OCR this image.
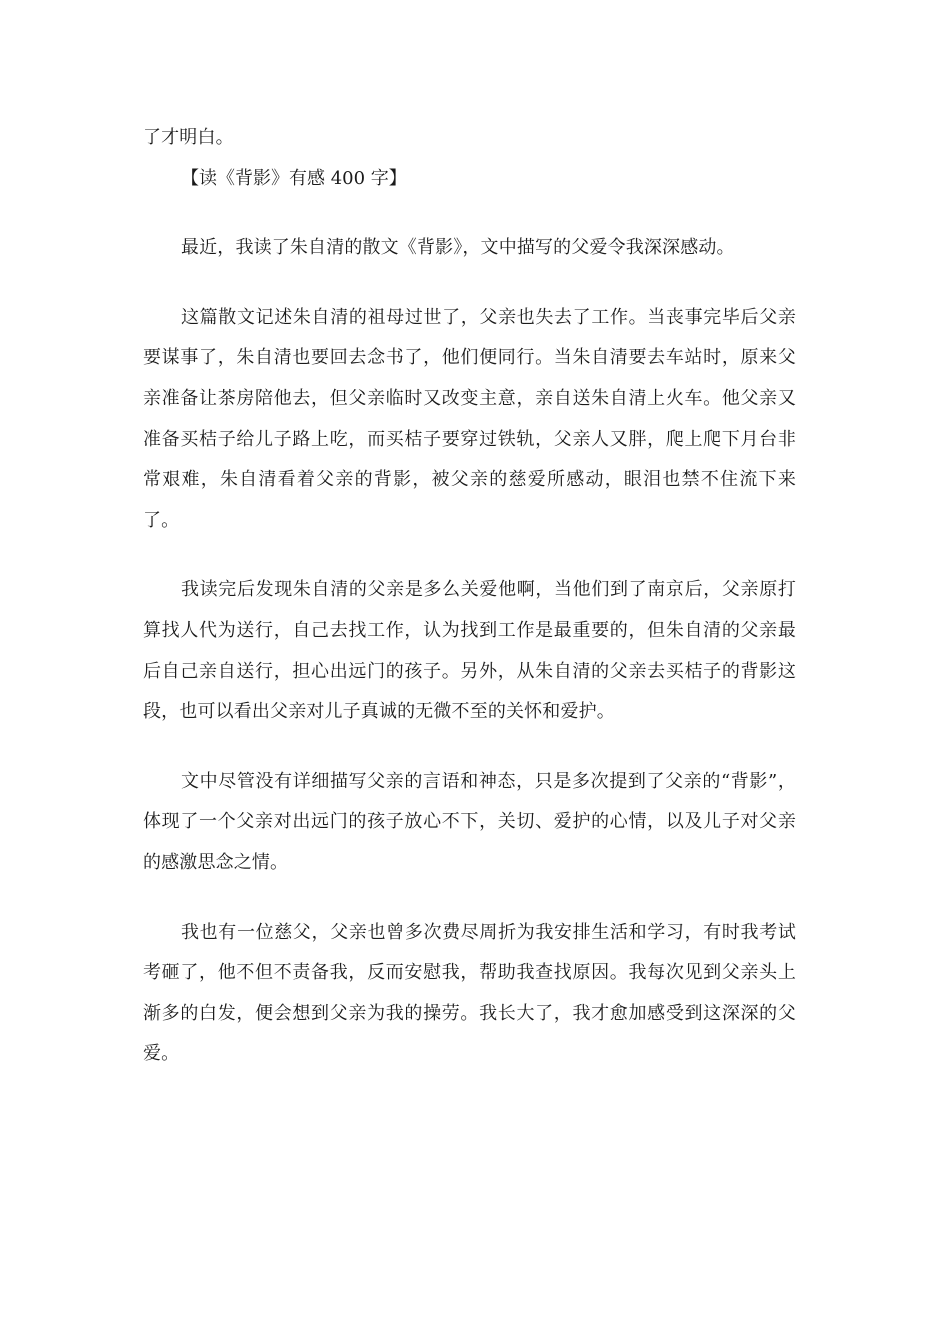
了才明白。

【读《背影》有感 400 字】

最近，我读了朱自清的散文《背影》，文中描写的父爱令我深深感动。

这篇散文记述朱自清的祖母过世了，父亲也失去了工作。当丧事完毕后父亲要谋事了，朱自清也要回去念书了，他们便同行。当朱自清要去车站时，原来父亲准备让茶房陪他去，但父亲临时又改变主意，亲自送朱自清上火车。他父亲又准备买桔子给儿子路上吃，而买桔子要穿过铁轨，父亲人又胖，爬上爬下月台非常艰难，朱自清看着父亲的背影，被父亲的慈爱所感动，眼泪也禁不住流下来了。

我读完后发现朱自清的父亲是多么关爱他啊，当他们到了南京后，父亲原打算找人代为送行，自己去找工作，认为找到工作是最重要的，但朱自清的父亲最后自己亲自送行，担心出远门的孩子。另外，从朱自清的父亲去买桔子的背影这段，也可以看出父亲对儿子真诚的无微不至的关怀和爱护。

文中尽管没有详细描写父亲的言语和神态，只是多次提到了父亲的“背影”，体现了一个父亲对出远门的孩子放心不下，关切、爱护的心情，以及儿子对父亲的感激思念之情。

我也有一位慈父，父亲也曾多次费尽周折为我安排生活和学习，有时我考试考砸了，他不但不责备我，反而安慰我，帮助我查找原因。我每次见到父亲头上渐多的白发，便会想到父亲为我的操劳。我长大了，我才愈加感受到这深深的父爱。
